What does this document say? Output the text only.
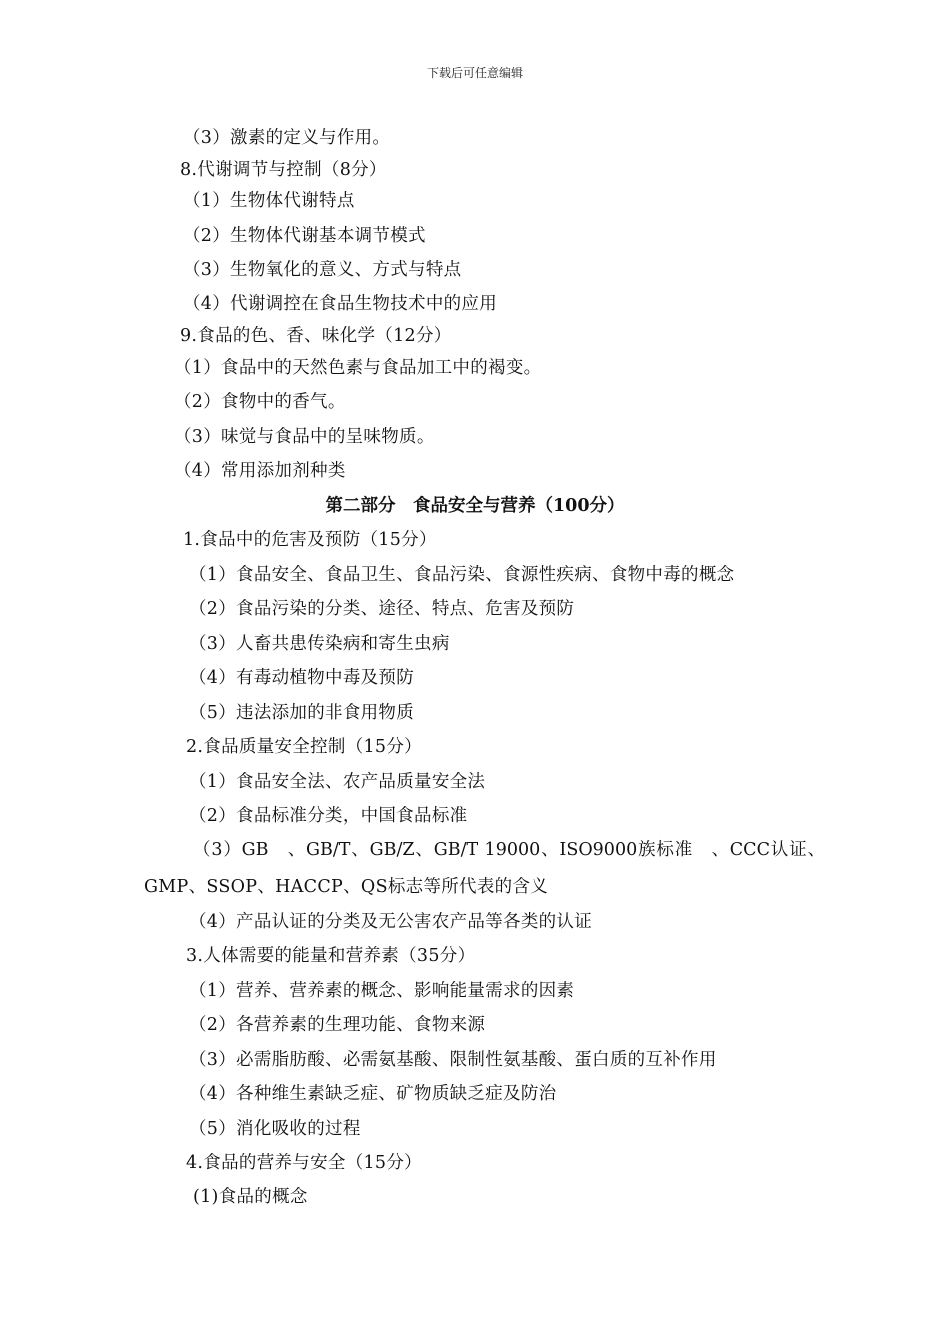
下载后可任意编辑
（3）激素的定义与作用。
8.代谢调节与控制（8分）
（1）生物体代谢特点
（2）生物体代谢基本调节模式
（3）生物氧化的意义、方式与特点
（4）代谢调控在食品生物技术中的应用
9.食品的色、香、味化学（12分）
（1）食品中的天然色素与食品加工中的褐变。
（2）食物中的香气。
（3）味觉与食品中的呈味物质。
（4）常用添加剂种类
第二部分　食品安全与营养（100分）
1.食品中的危害及预防（15分）
（1）食品安全、食品卫生、食品污染、食源性疾病、食物中毒的概念
（2）食品污染的分类、途径、特点、危害及预防
（3）人畜共患传染病和寄生虫病
（4）有毒动植物中毒及预防
（5）违法添加的非食用物质
2.食品质量安全控制（15分）
（1）食品安全法、农产品质量安全法
（2）食品标准分类，中国食品标准
（3）GB　、GB/T、GB/Z、GB/T 19000、ISO9000族标准　、CCC认证、
GMP、SSOP、HACCP、QS标志等所代表的含义
（4）产品认证的分类及无公害农产品等各类的认证
3.人体需要的能量和营养素（35分）
（1）营养、营养素的概念、影响能量需求的因素
（2）各营养素的生理功能、食物来源
（3）必需脂肪酸、必需氨基酸、限制性氨基酸、蛋白质的互补作用
（4）各种维生素缺乏症、矿物质缺乏症及防治
（5）消化吸收的过程
4.食品的营养与安全（15分）
(1)食品的概念
